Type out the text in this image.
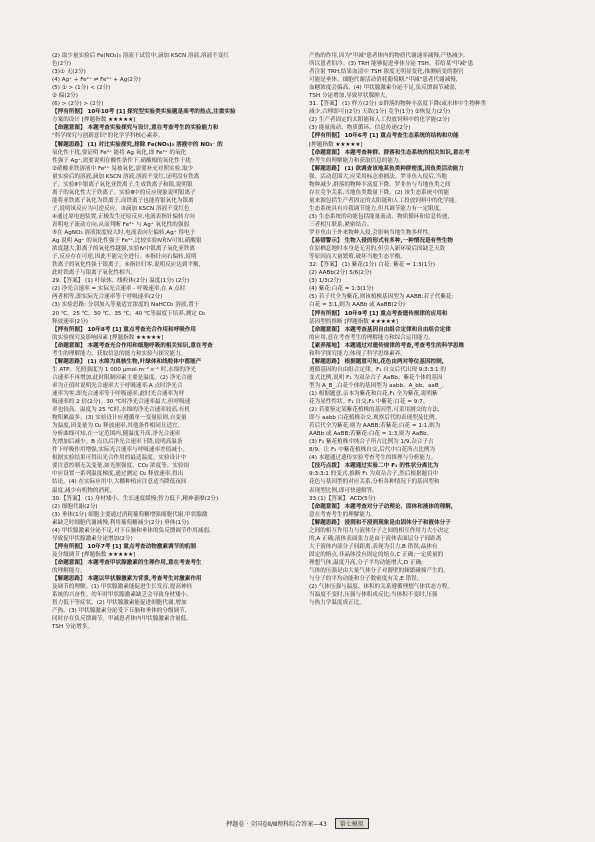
(2) 取少量实验后 Fe(NO₃)₃ 溶液于试管中,滴加 KSCN 溶液,溶液不变红
色(2分)
(3)① 无(2分)
(4) Ag⁺ + Fe²⁺ ⇌ Fe³⁺ + Ag(2分)
(5) ① > (1分) < (2分)
② 偏(2分)
(6) > (2分) > (2分)
【押有所据】 10年10考 [1] 探究型实验类实验题是高考的热点,注重实验
方案的设计 [押题指数 ★★★★★]
【命题意图】 本题考查实验探究与设计,意在考查考生的实验能力和
"科学探究与创新意识"的化学学科核心素养。
【解题思路】 (1) 对比实验探究,排除 Fe(NO₃)₃ 溶液中的 NO₃⁻ 的
氧化性干扰,要证明 Fe³⁺ 能将 Ag 氧化,即 Fe³⁺ 的氧化
性强于 Ag⁺,需要说明在酸性条件下,硝酸根的氧化性干扰
②硝酸亚铁溶液中 Fe²⁺ 易被氧化,需要补充对照实验,取少
量实验后的溶液,滴加 KSCN 溶液,溶液不变红,证明没有铁离
子。实验Ⅱ中银离子氧化亚铁离子,生成铁离子和银,说明银
离子的氧化性大于铁离子。实验Ⅲ中的反应现象说明银离子
能将亚铁离子氧化为铁离子,而铁离子也能将银氧化为银离
子,说明该反应为可逆反应。③滴加 KSCN 溶液不变红色
④通过原电池装置,正极发生还原反应,电流表指针偏转方向
表明电子流动方向,从而判断 Fe³⁺ 与 Ag⁺ 氧化性的强弱
⑤在 AgNO₃ 溶液浓度较大时,电流表向左偏转,Ag⁺ 得电子
Ag 说明 Ag⁺ 的氧化性强于 Fe³⁺,比较实验Ⅳ和Ⅴ可知,硝酸银
浓度越大,银离子的氧化性越强,实验Ⅳ中银离子氧化亚铁离
子,反应存在可逆,因此不能完全进行。⑥指针向右偏转,说明
铁离子的氧化性强于银离子。⑥指针归零,说明反应达到平衡,
此时铁离子与银离子氧化性相当。
29.【答案】 (1) 叶绿体、线粒体(2分) 温度(1分) (2分)
(2) 净光合速率 = 实际光合速率 - 呼吸速率,在 A 点时
两者相等,即实际光合速率等于呼吸速率(2分)
(3) 实验思路: 分别加入等量适宜浓度的 NaHCO₃ 溶液,置于
20 ℃、25 ℃、30 ℃、35 ℃、40 ℃等温度下培养,测定 O₂
释放速率(2分)
【押有所据】 10年8考 [1] 重点考查光合作用和呼吸作用
的实验探究及影响因素 [押题指数 ★★★★★]
【命题意图】 本题考查光合作用和细胞呼吸的相关知识,意在考查
考生的理解能力、获取信息的能力和实验与探究能力。
【解题思路】 (1) 水绵为真核生物,叶绿体和线粒体中都能产
生 ATP。光照强度为 1 000 μmol·m⁻²·s⁻¹ 时,水绵的净光
合速率不再增加,此时限制因素主要是温度。(2) 净光合速
率为正值时说明光合速率大于呼吸速率,A 点时净光合
速率为零,即光合速率等于呼吸速率,此时光合速率为呼
吸速率的 2 倍(2分)。30 ℃时净光合速率最大,但呼吸速
率也较高。温度为 25 ℃时,水绵的净光合速率较高,有机
物积累最多。(3) 实验设计应遵循单一变量原则,自变量
为温度,因变量为 O₂ 释放速率,其他条件相同且适宜。
分析曲线可知,在一定范围内,随温度升高,净光合速率
先增加后减少。B 点以后净光合速率下降,说明高温条
件下呼吸作用增强,实际光合速率与呼吸速率差值减小。
根据实验结果可得出光合作用的最适温度。实验设计中
要注意控制无关变量,如光照强度、CO₂ 浓度等。实验组
中应设置一系列温度梯度,通过测定 O₂ 释放速率,得出
结论。(4) 在实际应用中,大棚种植应注意适当降低夜间
温度,减少有机物的消耗。
30.【答案】 (1) 身材矮小、生长速度缓慢;智力低下,精神萎靡(2分)
(2) 细胞代谢(2分)
(3) 垂体(1分) 细胞主要通过消耗葡萄糖增强细胞代谢,甲状腺激
素缺乏时细胞代谢减慢,利用葡萄糖减少(2分) 垂体(1分)
(4) 甲状腺激素分泌不足,对下丘脑和垂体的负反馈调节作用减弱,
导致促甲状腺激素分泌增加(2分)
【押有所据】 10年7考 [1] 重点考查动物激素调节的机制
及分级调节 [押题指数 ★★★★★]
【命题意图】 本题考查甲状腺激素的生理作用,意在考查考生
的理解能力。
【解题思路】 本题以甲状腺激素为背景,考查考生对激素作用
及调节的理解。(1) 甲状腺激素能促进生长发育,提高神经
系统的兴奋性。幼年时甲状腺激素缺乏会导致身材矮小、
智力低下等症状。(2) 甲状腺激素能促进细胞代谢,增加
产热。(3) 甲状腺激素分泌受下丘脑和垂体的分级调节,
同时存在负反馈调节。甲减患者体内甲状腺激素含量低,
TSH 分泌增多。
产热的作用,因为"甲减"患者体内的物质代谢速率减慢,产热减少,
所以患者怕冷。(3) TRH 能够促进垂体分泌 TSH。若给某"甲减"患
者注射 TRH,结果血清中 TSH 浓度无明显变化,推测病变的器官
可能是垂体。细胞代谢活动消耗葡萄糖,"甲减"患者代谢减慢,
血糖浓度会偏高。(4) 甲状腺激素分泌不足,负反馈调节减弱,
TSH 分泌增加,导致甲状腺肿大。
31.【答案】 (1) 样方(2分) ①群落的物种丰富度下降(或水体中生物种类
减少,合理即可)(2分) 天敌(1分) 竞争(1分) ②恢复力(2分)
(2) 生产者固定的太阳能和人工投放饲料中的化学能(2分)
(3) 能量流动、物质循环、信息传递(2分)
【押有所据】 10年6考 [1] 重点考查生态系统的结构和功能
[押题指数 ★★★★★]
【命题意图】 本题考查种群、群落和生态系统的相关知识,意在考
查考生的理解能力和获取信息的能力。
【解题思路】 (1) 欲调查该地某鱼类种群密度,因鱼类活动能力
强、活动范围大,应采用标志重捕法。罗非鱼入侵后,当地
物种减少,群落的物种丰富度下降。罗非鱼与当地鱼类之间
存在竞争关系,当地鱼类数量下降。(2) 该生态系统中的能
量来源包括生产者固定的太阳能和人工投放饲料中的化学能。
生态系统具有自我调节能力,但其调节能力有一定限度。
(3) 生态系统的功能包括能量流动、物质循环和信息传递,
三者相互联系,紧密结合。
罗非鱼由于外来物种入侵,会影响当地生物多样性。
【易错警示】 生物入侵的形式有多种,一种情况是有些生物
在原栖息地时本身是无害的,但引入新环境后因缺乏天敌
等原因而大量繁殖,破坏当地生态平衡。
32.【答案】 (1) 紫花(1分) 白花: 紫花 = 1:3(1分)
(2) AABb(2分) 5/6(2分)
(3) 1/3(2分)
(4) 紫花:白花 = 1:3(1分)
(5) 若子代全为紫花,则该植株基因型为 AABB;若子代紫花:
白花 = 3:1,则为 AABb 或 AaBB(2分)
【押有所据】 10年9考 [1] 重点考查遗传规律的应用和
基因型的推断 [押题指数 ★★★★★]
【命题意图】 本题考查基因自由组合定律和自由组合定律
的应用,意在考查考生的理解能力和综合运用能力。
【素养落地】 本题通过对遗传规律的考查,考查考生的科学思维
和科学探究能力,体现了科学思维素养。
【解题思路】 根据题意可知,花色由两对等位基因控制,
遵循基因的自由组合定律。F₁ 自交后代出现 9:3:3:1 的
变式比例,说明 F₁ 为双杂合子 AaBb。紫花个体的基因
型为 A_B_,白花个体的基因型为 aabb、A_bb、aaB_。
(1) 根据题意,亲本为紫花和白花,F₁ 全为紫花,说明紫
花为显性性状。F₁ 自交,F₂ 中紫花:白花 = 9:7。
(2) 若要鉴定某紫花植株的基因型,可采用测交的方法,
即与 aabb 白花植株杂交,观察后代的表现型及比例。
若后代全为紫花,则为 AABB;若紫花:白花 = 1:1,则为
AABb 或 AaBB;若紫花:白花 = 1:3,则为 AaBb。
(3) F₂ 紫花植株中纯合子所占比例为 1/9,杂合子占
8/9。让 F₂ 中紫花植株自交,后代中白花所占比例为
(4) 本题通过遗传实验考查考生的推理与分析能力。
【技巧点拨】 本题通过实验二中 F₁ 的性状分离比为
9:3:3:1 的变式,推断 F₁ 为双杂合子,然后根据题目中
花色与基因型的对应关系,分析各种情况下的基因型和
表现型比例,即可快速解答。
33.(1)【答案】 ACD(5分)
【命题意图】 本题考查对分子动理论、固体和液体的理解,
意在考查考生的理解能力。
【解题思路】 浸润和不浸润现象是由固体分子和液体分子
之间的相互作用力与液体分子之间的相互作用力大小决定
的,A 正确;液体表面张力是由于液体表面层分子间距离
大于液体内部分子间距离,表现为引力,B 错误;晶体有
固定的熔点,非晶体没有固定的熔点,C 正确;一定质量的
理想气体,温度升高,分子平均动能增大,D 正确;
气体的压强是由大量气体分子对器壁的频繁碰撞产生的,
与分子的平均动能和分子数密度有关,E 错误。
(2) 气体压强与温度、体积的关系遵循理想气体状态方程。
当温度不变时,压强与体积成反比;当体积不变时,压强
与热力学温度成正比。
押题卷 · 全国卷Ⅱ/Ⅲ理科综合答案—43 第七模拟
